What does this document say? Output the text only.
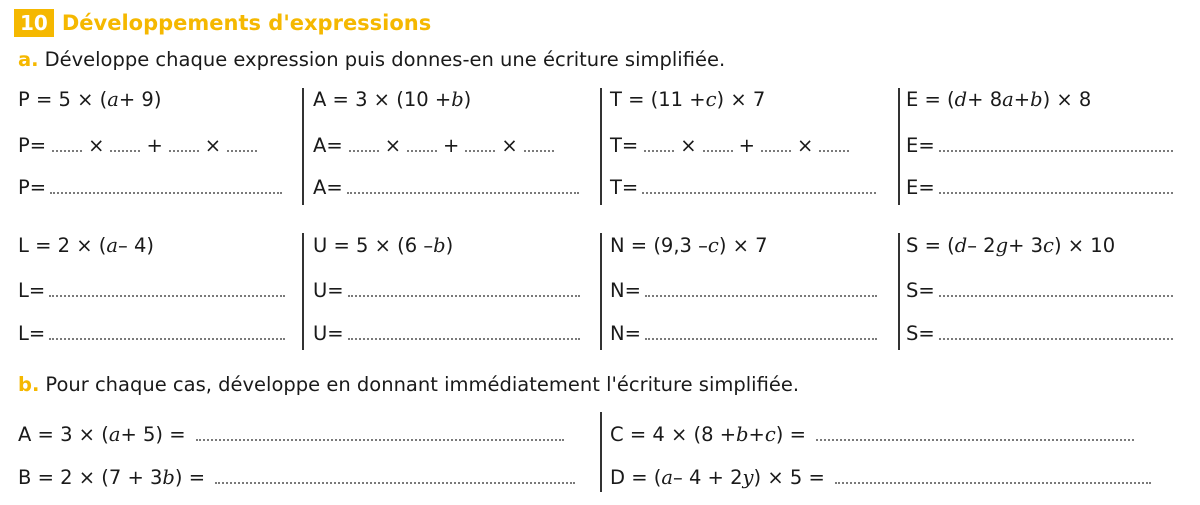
10 Développements d'expressions
a. Développe chaque expression puis donnes-en une écriture simplifiée.
P = 5 × ( a + 9)	A = 3 × (10 + b )	T = (11 + c ) × 7	E = ( d + 8 a + b ) × 8
P = × + ×	A = × + ×	T = × + ×	E =
P =	A =	T =	E =
L = 2 × ( a – 4)	U = 5 × (6 – b )	N = (9,3 – c ) × 7	S = ( d – 2 g + 3 c ) × 10
L =	U =	N =	S =
L =	U =	N =	S =
b. Pour chaque cas, développe en donnant immédiatement l'écriture simplifiée.
A = 3 × ( a + 5) =	C = 4 × (8 + b + c ) =
B = 2 × (7 + 3 b ) =	D = ( a – 4 + 2 y ) × 5 =
